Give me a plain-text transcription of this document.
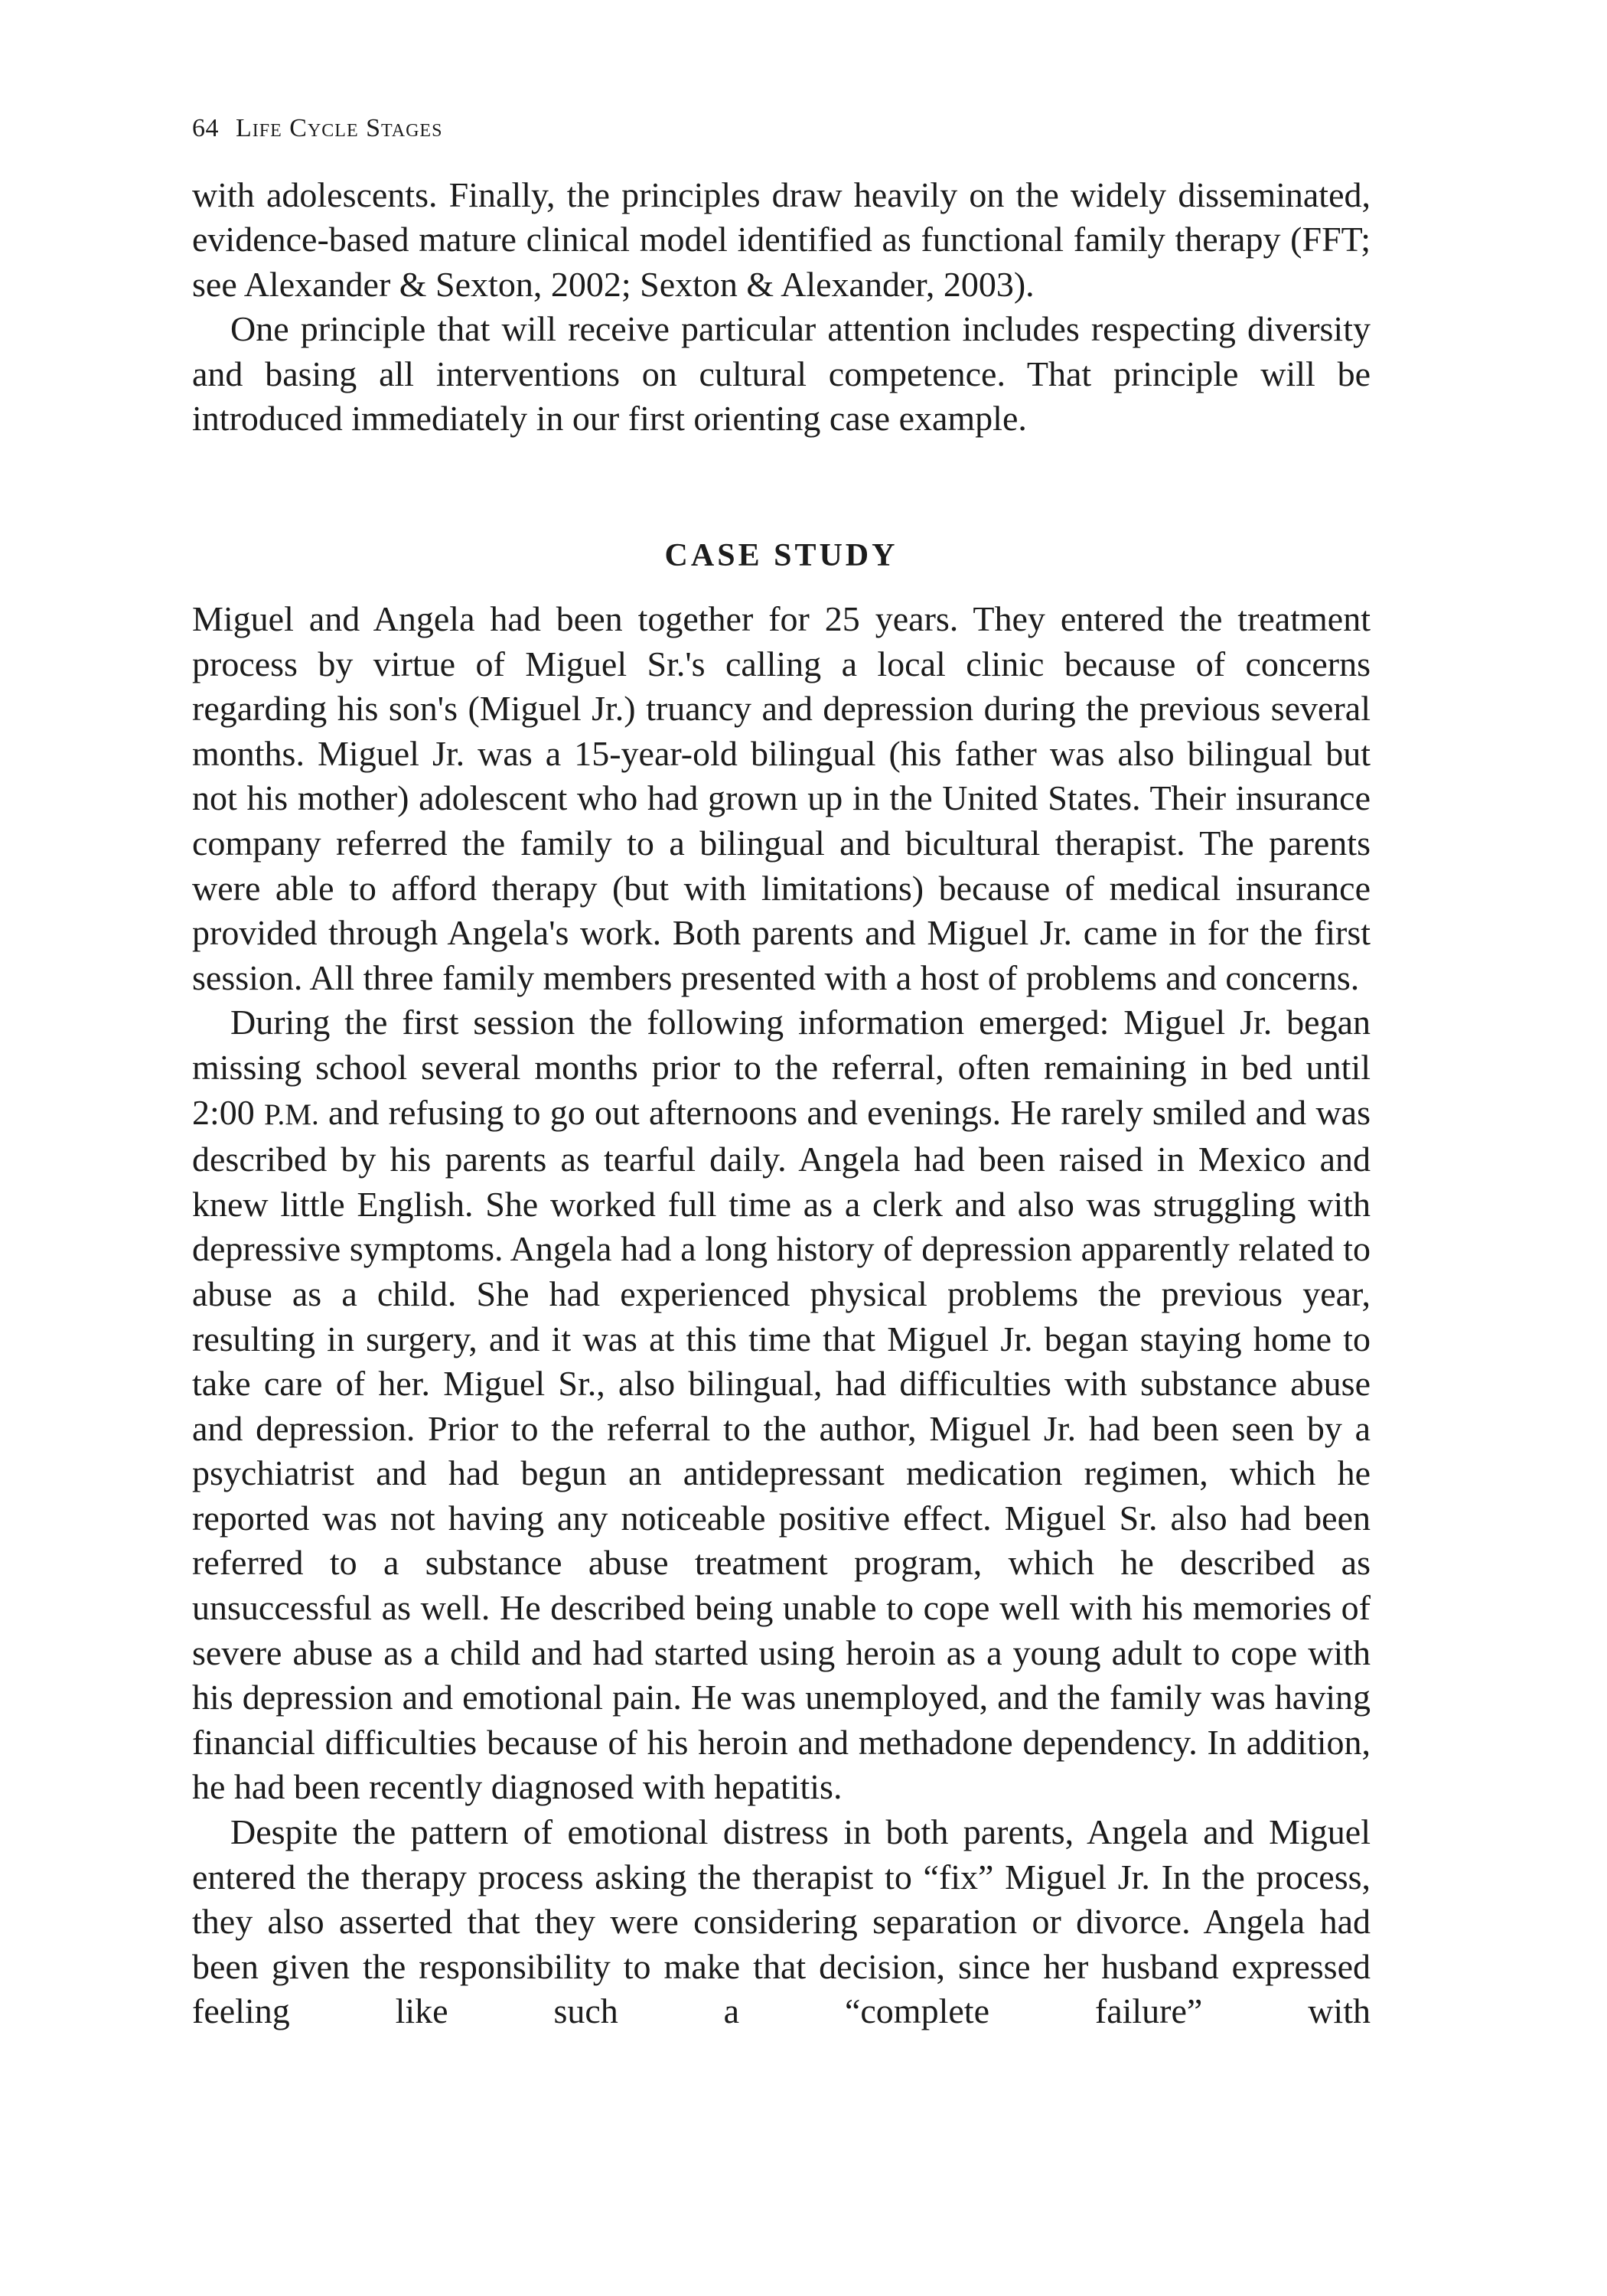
64 Life Cycle Stages

with adolescents. Finally, the principles draw heavily on the widely disseminated, evidence-based mature clinical model identified as functional family therapy (FFT; see Alexander & Sexton, 2002; Sexton & Alexander, 2003).

One principle that will receive particular attention includes respecting diversity and basing all interventions on cultural competence. That principle will be introduced immediately in our first orienting case example.

CASE STUDY

Miguel and Angela had been together for 25 years. They entered the treatment process by virtue of Miguel Sr.'s calling a local clinic because of concerns regarding his son's (Miguel Jr.) truancy and depression during the previous several months. Miguel Jr. was a 15-year-old bilingual (his father was also bilingual but not his mother) adolescent who had grown up in the United States. Their insurance company referred the family to a bilingual and bicultural therapist. The parents were able to afford therapy (but with limitations) because of medical insurance provided through Angela's work. Both parents and Miguel Jr. came in for the first session. All three family members presented with a host of problems and concerns.

During the first session the following information emerged: Miguel Jr. began missing school several months prior to the referral, often remaining in bed until 2:00 P.M. and refusing to go out afternoons and evenings. He rarely smiled and was described by his parents as tearful daily. Angela had been raised in Mexico and knew little English. She worked full time as a clerk and also was struggling with depressive symptoms. Angela had a long history of depression apparently related to abuse as a child. She had experienced physical problems the previous year, resulting in surgery, and it was at this time that Miguel Jr. began staying home to take care of her. Miguel Sr., also bilingual, had difficulties with substance abuse and depression. Prior to the referral to the author, Miguel Jr. had been seen by a psychiatrist and had begun an antidepressant medication regimen, which he reported was not having any noticeable positive effect. Miguel Sr. also had been referred to a substance abuse treatment program, which he described as unsuccessful as well. He described being unable to cope well with his memories of severe abuse as a child and had started using heroin as a young adult to cope with his depression and emotional pain. He was unemployed, and the family was having financial difficulties because of his heroin and methadone dependency. In addition, he had been recently diagnosed with hepatitis.

Despite the pattern of emotional distress in both parents, Angela and Miguel entered the therapy process asking the therapist to “fix” Miguel Jr. In the process, they also asserted that they were considering separation or divorce. Angela had been given the responsibility to make that decision, since her husband expressed feeling like such a “complete failure” with
